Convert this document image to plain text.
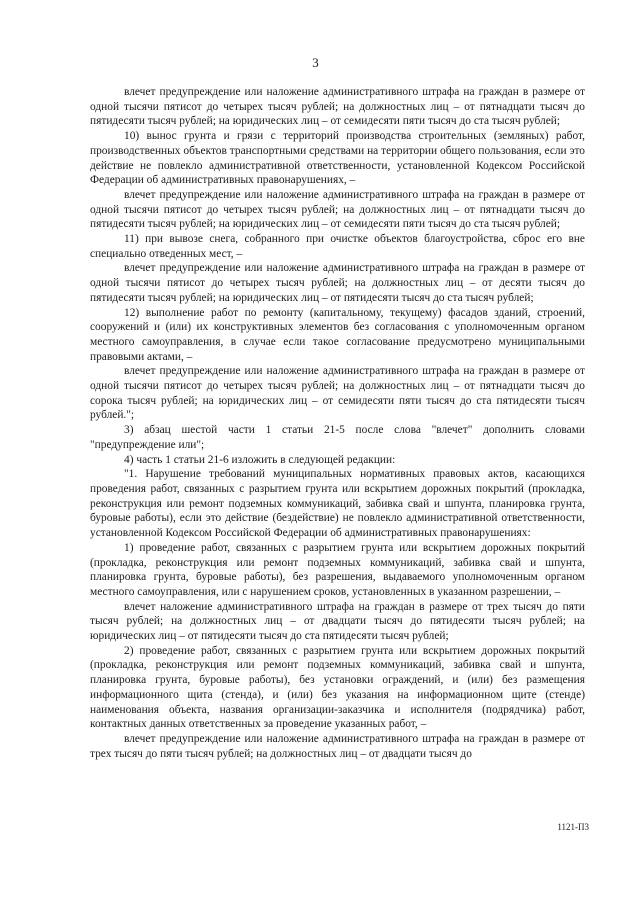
3

влечет предупреждение или наложение административного штрафа на граждан в размере от одной тысячи пятисот до четырех тысяч рублей; на должностных лиц – от пятнадцати тысяч до пятидесяти тысяч рублей; на юридических лиц – от семидесяти пяти тысяч до ста тысяч рублей;

10) вынос грунта и грязи с территорий производства строительных (земляных) работ, производственных объектов транспортными средствами на территории общего пользования, если это действие не повлекло административной ответственности, установленной Кодексом Российской Федерации об административных правонарушениях, –

влечет предупреждение или наложение административного штрафа на граждан в размере от одной тысячи пятисот до четырех тысяч рублей; на должностных лиц – от пятнадцати тысяч до пятидесяти тысяч рублей; на юридических лиц – от семидесяти пяти тысяч до ста тысяч рублей;

11) при вывозе снега, собранного при очистке объектов благоустройства, сброс его вне специально отведенных мест, –

влечет предупреждение или наложение административного штрафа на граждан в размере от одной тысячи пятисот до четырех тысяч рублей; на должностных лиц – от десяти тысяч до пятидесяти тысяч рублей; на юридических лиц – от пятидесяти тысяч до ста тысяч рублей;

12) выполнение работ по ремонту (капитальному, текущему) фасадов зданий, строений, сооружений и (или) их конструктивных элементов без согласования с уполномоченным органом местного самоуправления, в случае если такое согласование предусмотрено муниципальными правовыми актами, –

влечет предупреждение или наложение административного штрафа на граждан в размере от одной тысячи пятисот до четырех тысяч рублей; на должностных лиц – от пятнадцати тысяч до сорока тысяч рублей; на юридических лиц – от семидесяти пяти тысяч до ста пятидесяти тысяч рублей.";

3) абзац шестой части 1 статьи 21-5 после слова "влечет" дополнить словами "предупреждение или";

4) часть 1 статьи 21-6 изложить в следующей редакции:

"1. Нарушение требований муниципальных нормативных правовых актов, касающихся проведения работ, связанных с разрытием грунта или вскрытием дорожных покрытий (прокладка, реконструкция или ремонт подземных коммуникаций, забивка свай и шпунта, планировка грунта, буровые работы), если это действие (бездействие) не повлекло административной ответственности, установленной Кодексом Российской Федерации об административных правонарушениях:

1) проведение работ, связанных с разрытием грунта или вскрытием дорожных покрытий (прокладка, реконструкция или ремонт подземных коммуникаций, забивка свай и шпунта, планировка грунта, буровые работы), без разрешения, выдаваемого уполномоченным органом местного самоуправления, или с нарушением сроков, установленных в указанном разрешении, –

влечет наложение административного штрафа на граждан в размере от трех тысяч до пяти тысяч рублей; на должностных лиц – от двадцати тысяч до пятидесяти тысяч рублей; на юридических лиц – от пятидесяти тысяч до ста пятидесяти тысяч рублей;

2) проведение работ, связанных с разрытием грунта или вскрытием дорожных покрытий (прокладка, реконструкция или ремонт подземных коммуникаций, забивка свай и шпунта, планировка грунта, буровые работы), без установки ограждений, и (или) без размещения информационного щита (стенда), и (или) без указания на информационном щите (стенде) наименования объекта, названия организации-заказчика и исполнителя (подрядчика) работ, контактных данных ответственных за проведение указанных работ, –

влечет предупреждение или наложение административного штрафа на граждан в размере от трех тысяч до пяти тысяч рублей; на должностных лиц – от двадцати тысяч до

1121-П3
